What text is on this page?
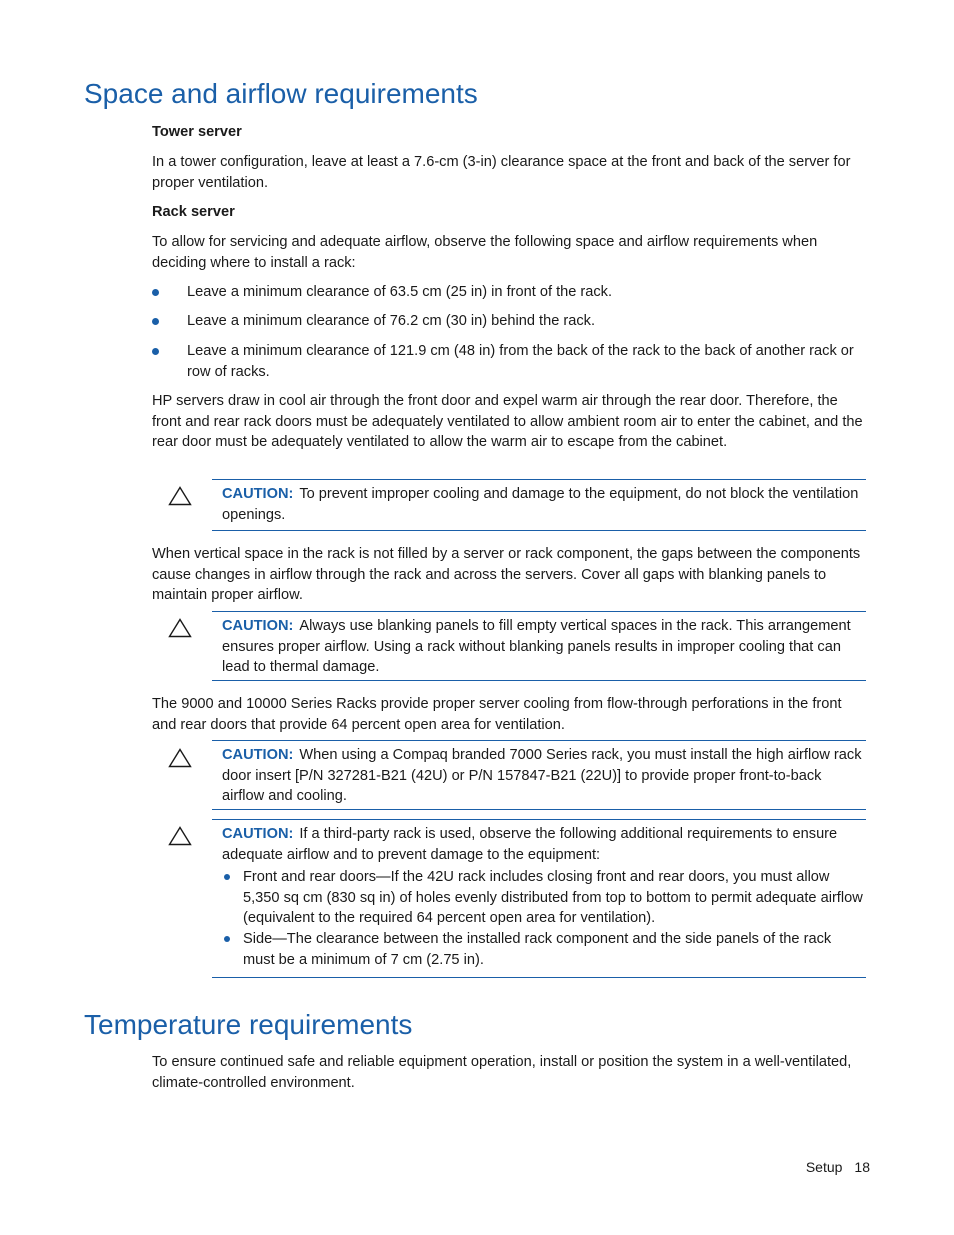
Space and airflow requirements

Tower server

In a tower configuration, leave at least a 7.6-cm (3-in) clearance space at the front and back of the server for proper ventilation.

Rack server

To allow for servicing and adequate airflow, observe the following space and airflow requirements when deciding where to install a rack:

Leave a minimum clearance of 63.5 cm (25 in) in front of the rack.
Leave a minimum clearance of 76.2 cm (30 in) behind the rack.
Leave a minimum clearance of 121.9 cm (48 in) from the back of the rack to the back of another rack or row of racks.

HP servers draw in cool air through the front door and expel warm air through the rear door. Therefore, the front and rear rack doors must be adequately ventilated to allow ambient room air to enter the cabinet, and the rear door must be adequately ventilated to allow the warm air to escape from the cabinet.

CAUTION: To prevent improper cooling and damage to the equipment, do not block the ventilation openings.

When vertical space in the rack is not filled by a server or rack component, the gaps between the components cause changes in airflow through the rack and across the servers. Cover all gaps with blanking panels to maintain proper airflow.

CAUTION: Always use blanking panels to fill empty vertical spaces in the rack. This arrangement ensures proper airflow. Using a rack without blanking panels results in improper cooling that can lead to thermal damage.

The 9000 and 10000 Series Racks provide proper server cooling from flow-through perforations in the front and rear doors that provide 64 percent open area for ventilation.

CAUTION: When using a Compaq branded 7000 Series rack, you must install the high airflow rack door insert [P/N 327281-B21 (42U) or P/N 157847-B21 (22U)] to provide proper front-to-back airflow and cooling.
CAUTION: If a third-party rack is used, observe the following additional requirements to ensure adequate airflow and to prevent damage to the equipment:
Front and rear doors—If the 42U rack includes closing front and rear doors, you must allow 5,350 sq cm (830 sq in) of holes evenly distributed from top to bottom to permit adequate airflow (equivalent to the required 64 percent open area for ventilation).
Side—The clearance between the installed rack component and the side panels of the rack must be a minimum of 7 cm (2.75 in).
Temperature requirements

To ensure continued safe and reliable equipment operation, install or position the system in a well-ventilated, climate-controlled environment.

Setup 18
